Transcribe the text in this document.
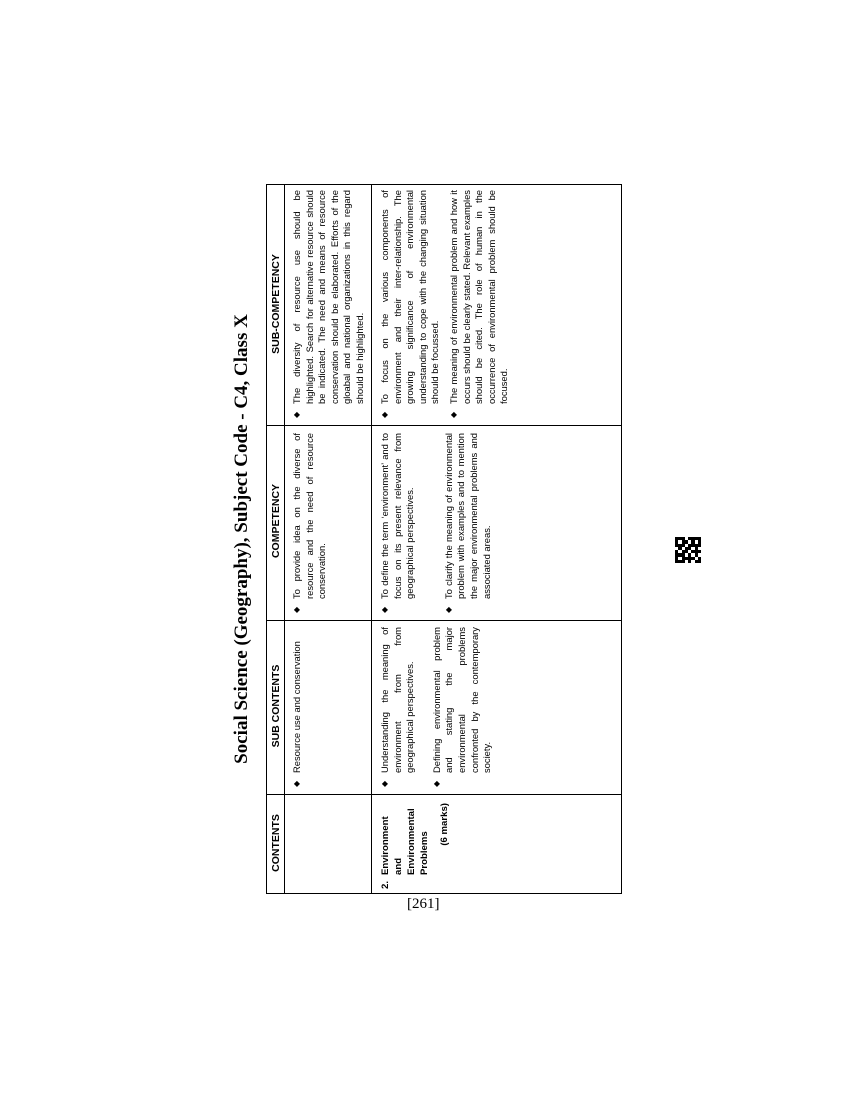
Social Science (Geography), Subject Code - C4, Class X
CONTENTS
SUB CONTENTS
COMPETENCY
SUB-COMPETENCY
◆
Resource use and conservation
◆
To provide idea on the diverse of resource and the need of resource conservation.
◆
The diversity of resource use should be highlighted. Search for alternative resource should be indicated. The need and means of resource conservation should be elaborated. Efforts of the gloabal and national organizations in this regard should be highlighted.
2.
Environment and Environmental Problems
(6 marks)
◆
Understanding the meaning of environment from from geographical perspectives.
◆
Defining environmental problem and stating the major environmental problems confronted by the contemporary society.
◆
To define the term ‘environment’ and to focus on its present relevance from geographical perspectives.
◆
To clarify the meaning of environmental problem with examples and to mention the major environmental problems and associated areas.
◆
To focus on the various components of environment and their inter-relationship. The growing significance of environmental understanding to cope with the changing situation should be focussed.
◆
The meaning of environmental problem and how it occurs should be clearly stated. Relevant examples should be cited. The role of human in the occurrence of environmental problem should be focused.
[261]
